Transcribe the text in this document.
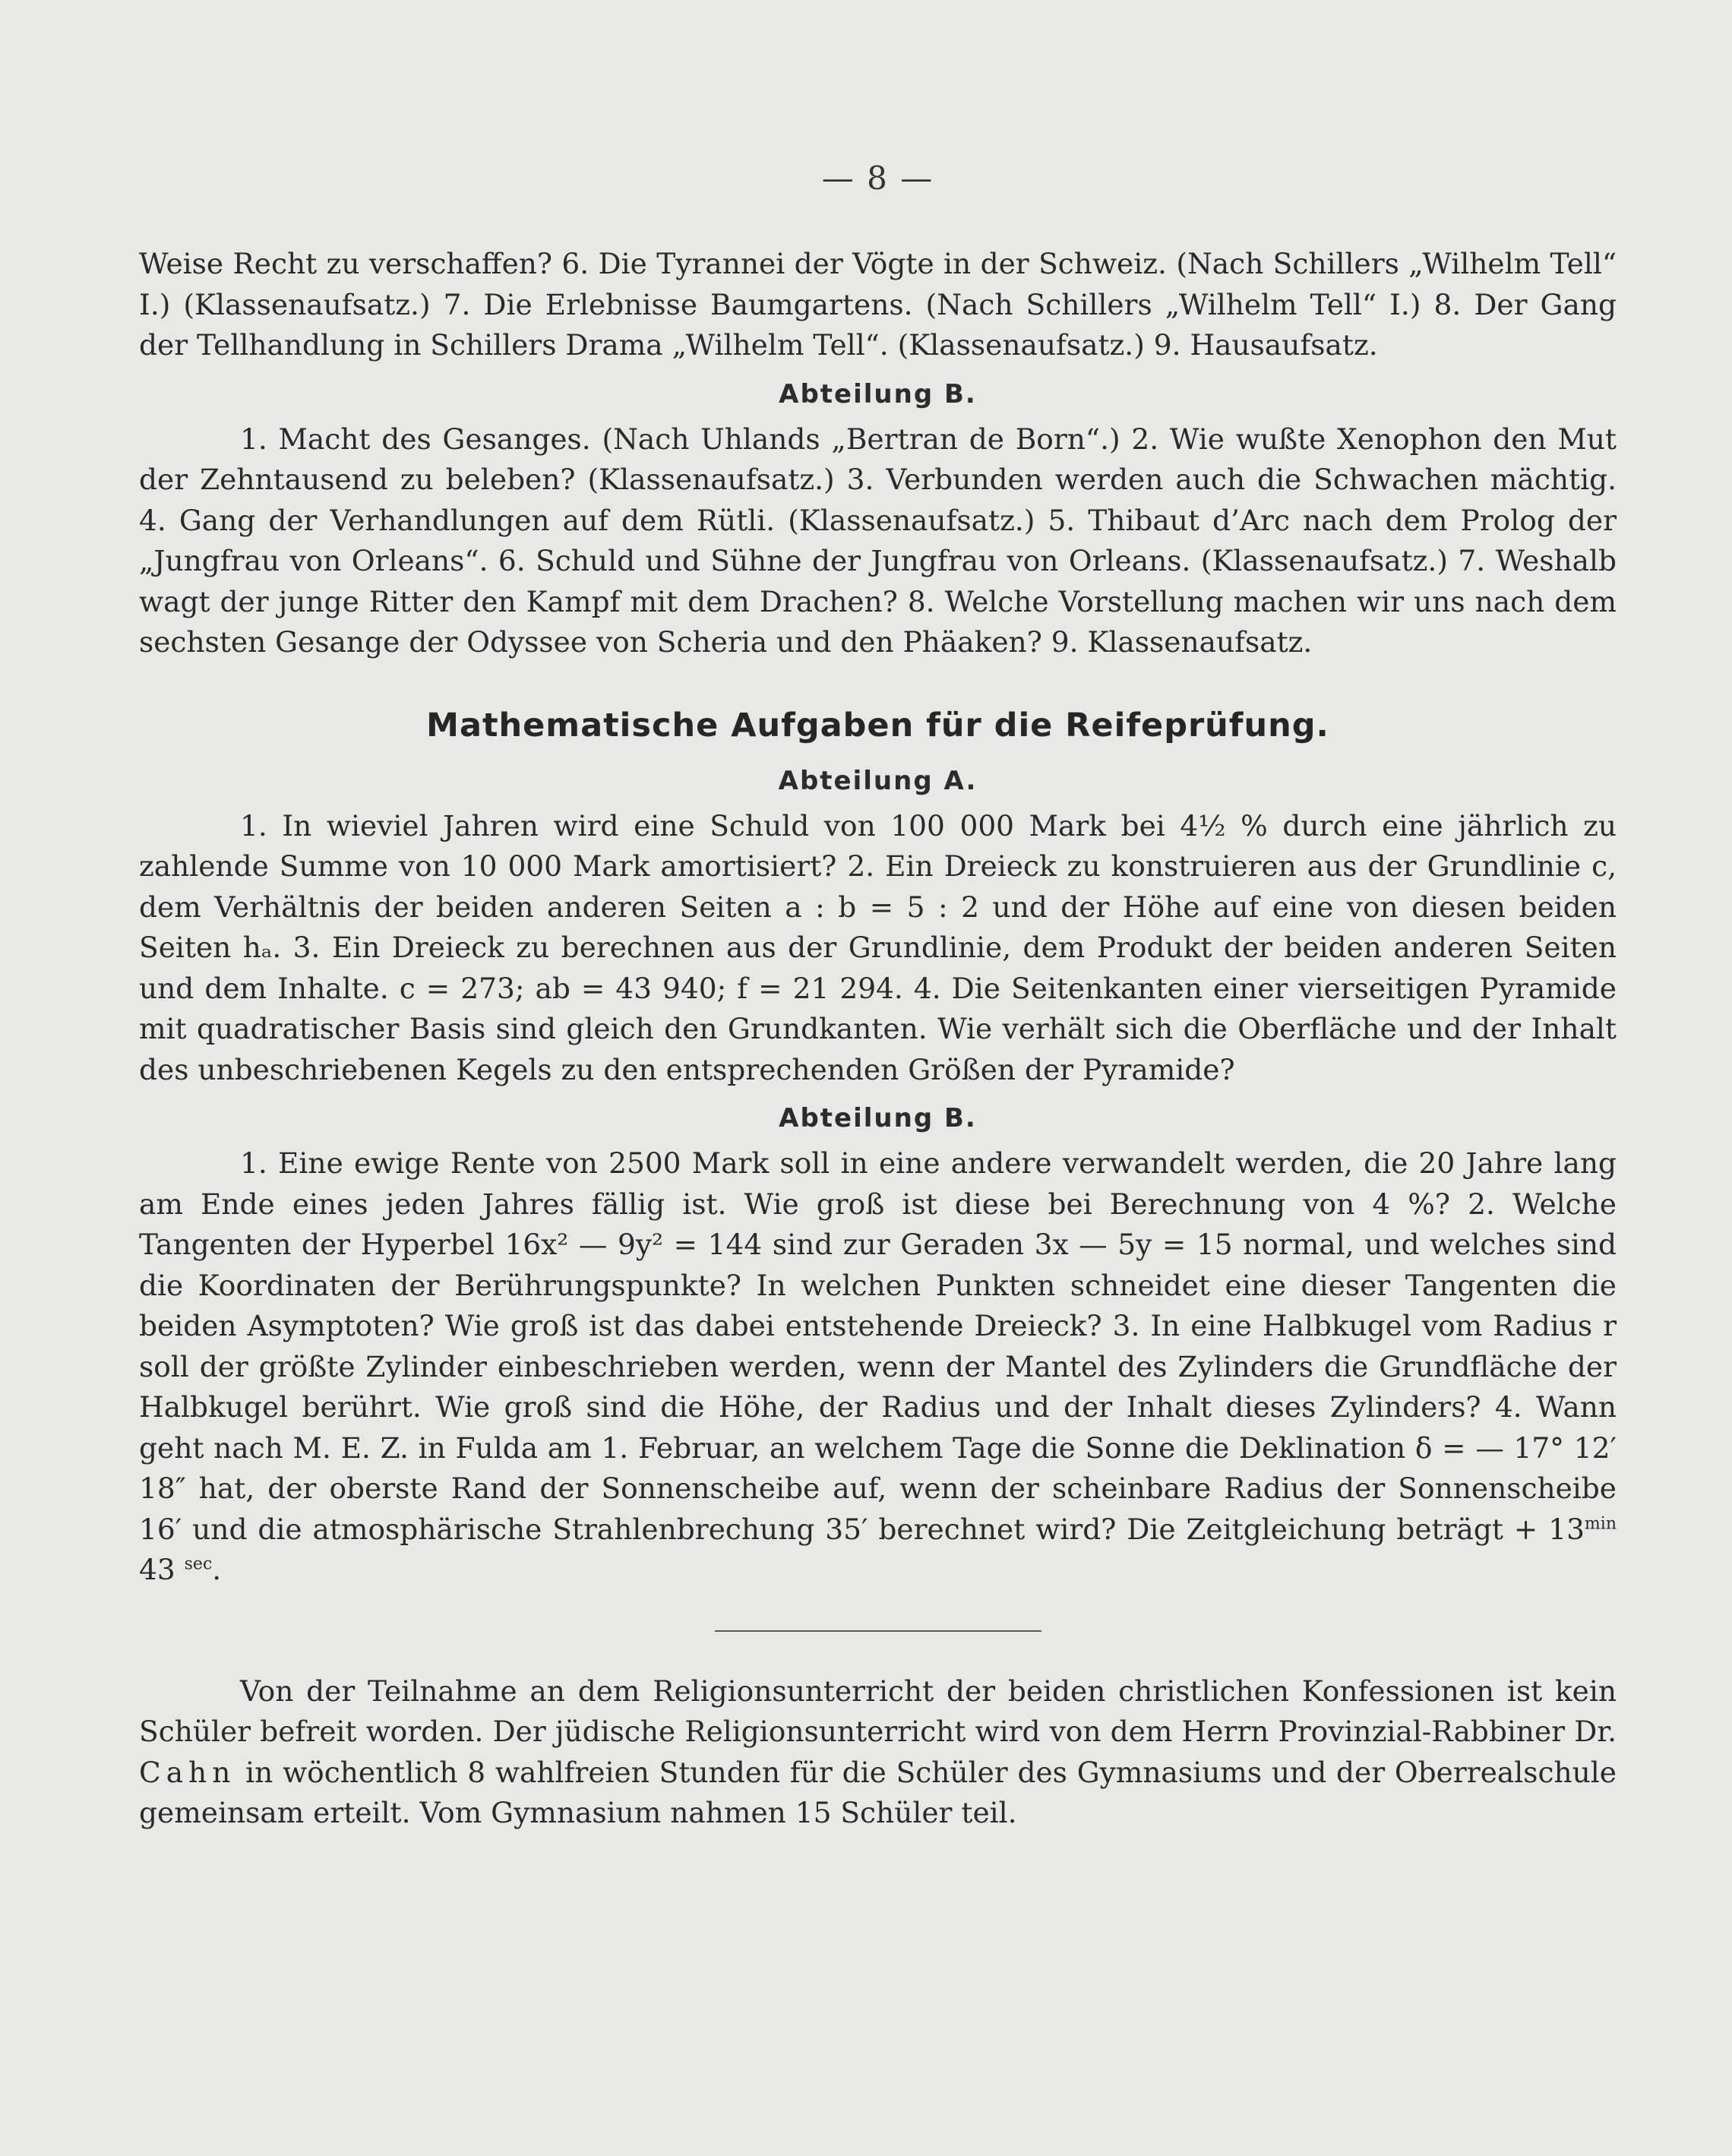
— 8 —

Weise Recht zu verschaffen? 6. Die Tyrannei der Vögte in der Schweiz. (Nach Schillers „Wilhelm Tell“ I.) (Klassenaufsatz.) 7. Die Erlebnisse Baumgartens. (Nach Schillers „Wilhelm Tell“ I.) 8. Der Gang der Tellhandlung in Schillers Drama „Wilhelm Tell“. (Klassenaufsatz.) 9. Hausaufsatz.

Abteilung B.

1. Macht des Gesanges. (Nach Uhlands „Bertran de Born“.) 2. Wie wußte Xenophon den Mut der Zehntausend zu beleben? (Klassenaufsatz.) 3. Verbunden werden auch die Schwachen mächtig. 4. Gang der Verhandlungen auf dem Rütli. (Klassenaufsatz.) 5. Thibaut d’Arc nach dem Prolog der „Jungfrau von Orleans“. 6. Schuld und Sühne der Jungfrau von Orleans. (Klassenaufsatz.) 7. Weshalb wagt der junge Ritter den Kampf mit dem Drachen? 8. Welche Vorstellung machen wir uns nach dem sechsten Gesange der Odyssee von Scheria und den Phäaken? 9. Klassenaufsatz.

Mathematische Aufgaben für die Reifeprüfung.
Abteilung A.

1. In wieviel Jahren wird eine Schuld von 100 000 Mark bei 4½ % durch eine jährlich zu zahlende Summe von 10 000 Mark amortisiert? 2. Ein Dreieck zu konstruieren aus der Grundlinie c, dem Verhältnis der beiden anderen Seiten a : b = 5 : 2 und der Höhe auf eine von diesen beiden Seiten hₐ. 3. Ein Dreieck zu berechnen aus der Grundlinie, dem Produkt der beiden anderen Seiten und dem Inhalte. c = 273; ab = 43 940; f = 21 294. 4. Die Seitenkanten einer vierseitigen Pyramide mit quadratischer Basis sind gleich den Grundkanten. Wie verhält sich die Oberfläche und der Inhalt des unbeschriebenen Kegels zu den entsprechenden Größen der Pyramide?

Abteilung B.

1. Eine ewige Rente von 2500 Mark soll in eine andere verwandelt werden, die 20 Jahre lang am Ende eines jeden Jahres fällig ist. Wie groß ist diese bei Berechnung von 4 %? 2. Welche Tangenten der Hyperbel 16x² — 9y² = 144 sind zur Geraden 3x — 5y = 15 normal, und welches sind die Koordinaten der Berührungspunkte? In welchen Punkten schneidet eine dieser Tangenten die beiden Asymptoten? Wie groß ist das dabei entstehende Dreieck? 3. In eine Halbkugel vom Radius r soll der größte Zylinder einbeschrieben werden, wenn der Mantel des Zylinders die Grundfläche der Halbkugel berührt. Wie groß sind die Höhe, der Radius und der Inhalt dieses Zylinders? 4. Wann geht nach M. E. Z. in Fulda am 1. Februar, an welchem Tage die Sonne die Deklination δ = — 17° 12′ 18″ hat, der oberste Rand der Sonnenscheibe auf, wenn der scheinbare Radius der Sonnenscheibe 16′ und die atmosphärische Strahlenbrechung 35′ berechnet wird? Die Zeitgleichung beträgt + $13^{min}$ 43 $^{sec}$.

Von der Teilnahme an dem Religionsunterricht der beiden christlichen Konfessionen ist kein Schüler befreit worden. Der jüdische Religionsunterricht wird von dem Herrn Provinzial-Rabbiner Dr. Cahn in wöchentlich 8 wahlfreien Stunden für die Schüler des Gymnasiums und der Oberrealschule gemeinsam erteilt. Vom Gymnasium nahmen 15 Schüler teil.
